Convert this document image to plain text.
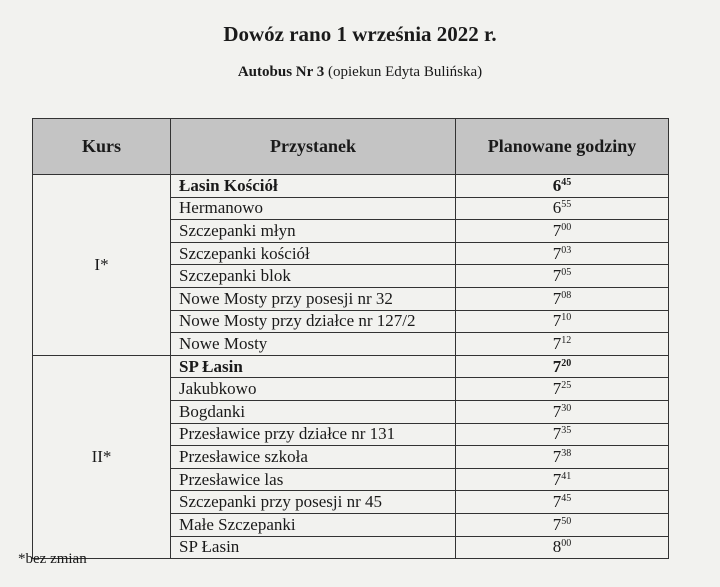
Dowóz rano 1 września 2022 r.
Autobus Nr 3 (opiekun Edyta Bulińska)
Kurs	Przystanek	Planowane godziny
I*	Łasin Kościół	$6^{45}$
	Hermanowo	$6^{55}$
	Szczepanki młyn	$7^{00}$
	Szczepanki kościół	$7^{03}$
	Szczepanki blok	$7^{05}$
	Nowe Mosty przy posesji nr 32	$7^{08}$
	Nowe Mosty przy działce nr 127/2	$7^{10}$
	Nowe Mosty	$7^{12}$
II*	SP Łasin	$7^{20}$
	Jakubkowo	$7^{25}$
	Bogdanki	$7^{30}$
	Przesławice przy działce nr 131	$7^{35}$
	Przesławice szkoła	$7^{38}$
	Przesławice las	$7^{41}$
	Szczepanki przy posesji nr 45	$7^{45}$
	Małe Szczepanki	$7^{50}$
	SP Łasin	$8^{00}$
*bez zmian
